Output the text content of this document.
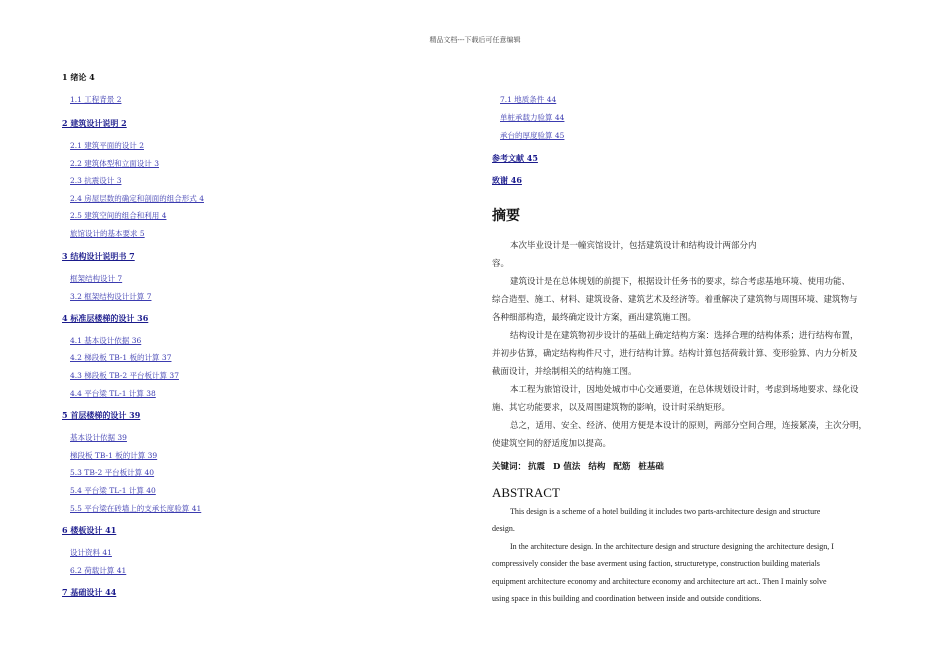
精品文档---下载后可任意编辑
1 绪论 4
1.1 工程背景 2
2 建筑设计说明 2
2.1 建筑平面的设计 2
2.2 建筑体型和立面设计 3
2.3 抗震设计 3
2.4 房屋层数的确定和剖面的组合形式 4
2.5 建筑空间的组合和利用 4
旅馆设计的基本要求 5
3 结构设计说明书 7
框架结构设计 7
3.2 框架结构设计计算 7
4 标准层楼梯的设计 36
4.1 基本设计依据 36
4.2 梯段板 TB-1 板的计算 37
4.3 梯段板 TB-2 平台板计算 37
4.4 平台梁 TL-1 计算 38
5 首层楼梯的设计 39
基本设计依据 39
梯段板 TB-1 板的计算 39
5.3 TB-2 平台板计算 40
5.4 平台梁 TL-1 计算 40
5.5 平台梁在砖墙上的支承长度验算 41
6 楼板设计 41
设计资料 41
6.2 荷载计算 41
7 基础设计 44
7.1 地质条件 44
单桩承载力验算 44
承台的厚度验算 45
参考文献 45
致谢 46
摘要
本次毕业设计是一幢宾馆设计，包括建筑设计和结构设计两部分内
容。
建筑设计是在总体规划的前提下，根据设计任务书的要求，综合考虑基地环境、使用功能、
综合造型、施工、材料、建筑设备、建筑艺术及经济等。着重解决了建筑物与周围环境、建筑物与
各种细部构造，最终确定设计方案，画出建筑施工图。
结构设计是在建筑物初步设计的基础上确定结构方案：选择合理的结构体系；进行结构布置，
并初步估算，确定结构构件尺寸，进行结构计算。结构计算包括荷载计算、变形验算、内力分析及
截面设计，并绘制相关的结构施工图。
本工程为旅馆设计，因地处城市中心交通要道，在总体规划设计时，考虑到场地要求、绿化设
施、其它功能要求，以及周围建筑物的影响，设计时采纳矩形。
总之，适用、安全、经济、使用方便是本设计的原则，两部分空间合理，连接紧凑，主次分明，
使建筑空间的舒适度加以提高。
关键词： 抗震 D 值法 结构 配筋 桩基础
ABSTRACT
This design is a scheme of a hotel building it includes two parts-architecture design and structure
design.
In the architecture design. In the architecture design and structure designing the architecture design, I
compressively consider the base averment using faction, structuretype, construction building materials
equipment architecture economy and architecture economy and architecture art act.. Then I mainly solve
using space in this building and coordination between inside and outside conditions.
